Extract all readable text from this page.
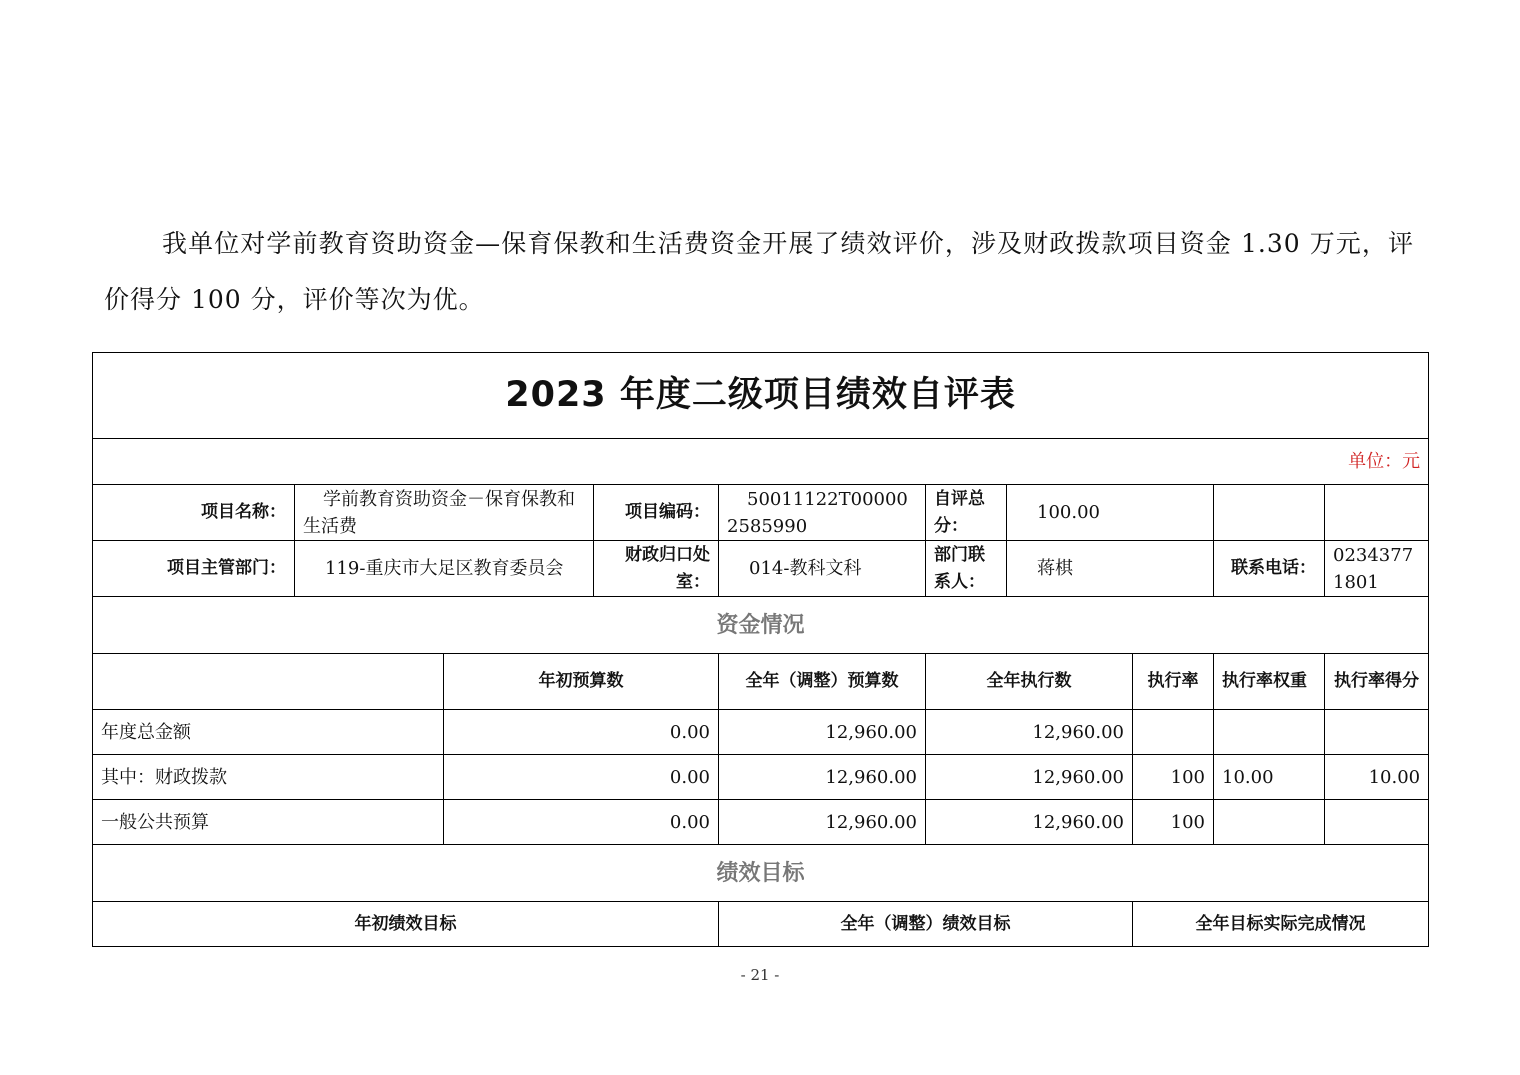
我单位对学前教育资助资金—保育保教和生活费资金开展了绩效评价，涉及财政拨款项目资金 1.30 万元，评价得分 100 分，评价等次为优。

2023 年度二级项目绩效自评表									
单位：元									
项目名称：	学前教育资助资金－保育保教和生活费		项目编码：	50011122T000002585990	自评总分：	100.00			
项目主管部门：	119-重庆市大足区教育委员会		财政归口处室：	014-教科文科	部门联系人：	蒋棋		联系电话：	02343771801
资金情况									
		年初预算数		全年（调整）预算数	全年执行数		执行率	执行率权重	执行率得分
年度总金额		0.00		12,960.00	12,960.00				
其中：财政拨款		0.00		12,960.00	12,960.00		100	10.00	10.00
一般公共预算		0.00		12,960.00	12,960.00		100		
绩效目标									
年初绩效目标				全年（调整）绩效目标			全年目标实际完成情况		
- 21 -
